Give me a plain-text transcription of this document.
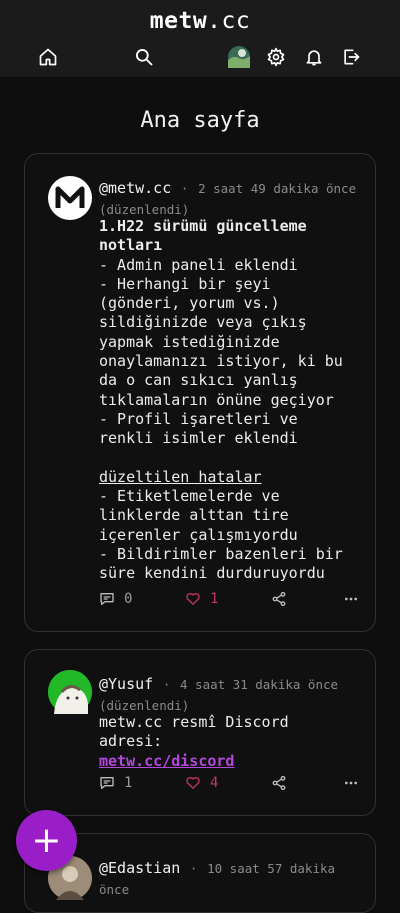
metw.cc
Ana sayfa
@metw.cc · 2 saat 49 dakika önce
(düzenlendi)

1.H22 sürümü güncelleme

notları

- Admin paneli eklendi

- Herhangi bir şeyi

(gönderi, yorum vs.)

sildiğinizde veya çıkış

yapmak istediğinizde

onaylamanızı istiyor, ki bu

da o can sıkıcı yanlış

tıklamaların önüne geçiyor

- Profil işaretleri ve

renkli isimler eklendi

düzeltilen hatalar

- Etiketlemelerde ve

linklerde alttan tire

içerenler çalışmıyordu

- Bildirimler bazenleri bir

süre kendini durduruyordu

0	1
@Yusuf · 4 saat 31 dakika önce
(düzenlendi)

metw.cc resmî Discord

adresi:

metw.cc/discord

1	4
@Edastian · 10 saat 57 dakika
önce
+
